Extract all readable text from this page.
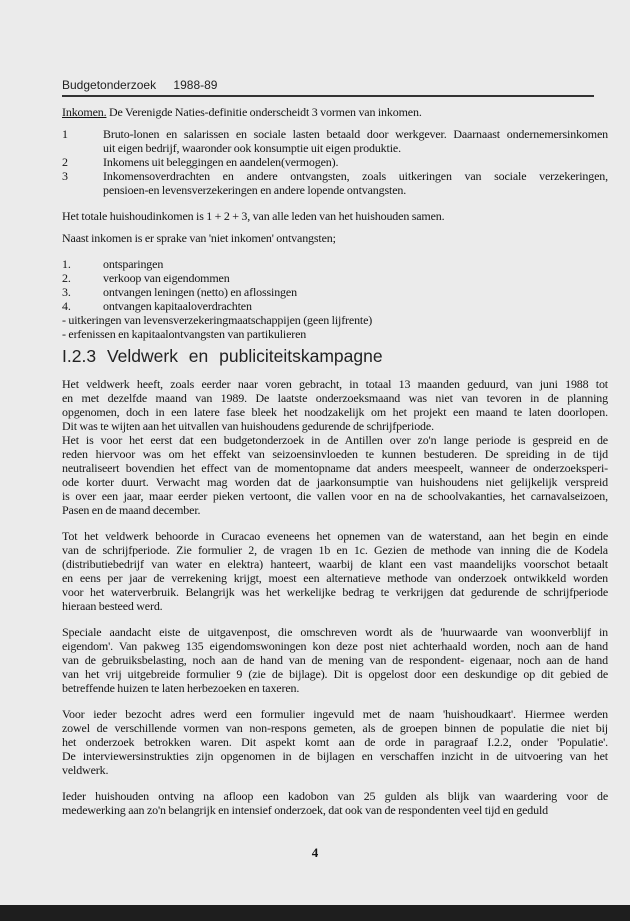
Budgetonderzoek 1988-89
Inkomen. De Verenigde Naties-definitie onderscheidt 3 vormen van inkomen.
1	Bruto-lonen en salarissen en sociale lasten betaald door werkgever. Daarnaast ondernemersinkomen
uit eigen bedrijf, waaronder ook konsumptie uit eigen produktie.
2	Inkomens uit beleggingen en aandelen(vermogen).
3	Inkomensoverdrachten en andere ontvangsten, zoals uitkeringen van sociale verzekeringen,
pensioen-en levensverzekeringen en andere lopende ontvangsten.
Het totale huishoudinkomen is 1 + 2 + 3, van alle leden van het huishouden samen.
Naast inkomen is er sprake van 'niet inkomen' ontvangsten;
1.	ontsparingen
2.	verkoop van eigendommen
3.	ontvangen leningen (netto) en aflossingen
4.	ontvangen kapitaaloverdrachten
- uitkeringen van levensverzekeringmaatschappijen (geen lijfrente)
- erfenissen en kapitaalontvangsten van partikulieren
I.2.3 Veldwerk en publiciteitskampagne
Het veldwerk heeft, zoals eerder naar voren gebracht, in totaal 13 maanden geduurd, van juni 1988 tot
en met dezelfde maand van 1989. De laatste onderzoeksmaand was niet van tevoren in de planning
opgenomen, doch in een latere fase bleek het noodzakelijk om het projekt een maand te laten doorlopen.
Dit was te wijten aan het uitvallen van huishoudens gedurende de schrijfperiode.
Het is voor het eerst dat een budgetonderzoek in de Antillen over zo'n lange periode is gespreid en de
reden hiervoor was om het effekt van seizoensinvloeden te kunnen bestuderen. De spreiding in de tijd
neutraliseert bovendien het effect van de momentopname dat anders meespeelt, wanneer de onderzoeksperi-
ode korter duurt. Verwacht mag worden dat de jaarkonsumptie van huishoudens niet gelijkelijk verspreid
is over een jaar, maar eerder pieken vertoont, die vallen voor en na de schoolvakanties, het carnavalseizoen,
Pasen en de maand december.
Tot het veldwerk behoorde in Curacao eveneens het opnemen van de waterstand, aan het begin en einde
van de schrijfperiode. Zie formulier 2, de vragen 1b en 1c. Gezien de methode van inning die de Kodela
(distributiebedrijf van water en elektra) hanteert, waarbij de klant een vast maandelijks voorschot betaalt
en eens per jaar de verrekening krijgt, moest een alternatieve methode van onderzoek ontwikkeld worden
voor het waterverbruik. Belangrijk was het werkelijke bedrag te verkrijgen dat gedurende de schrijfperiode
hieraan besteed werd.
Speciale aandacht eiste de uitgavenpost, die omschreven wordt als de 'huurwaarde van woonverblijf in
eigendom'. Van pakweg 135 eigendomswoningen kon deze post niet achterhaald worden, noch aan de hand
van de gebruiksbelasting, noch aan de hand van de mening van de respondent- eigenaar, noch aan de hand
van het vrij uitgebreide formulier 9 (zie de bijlage). Dit is opgelost door een deskundige op dit gebied de
betreffende huizen te laten herbezoeken en taxeren.
Voor ieder bezocht adres werd een formulier ingevuld met de naam 'huishoudkaart'. Hiermee werden
zowel de verschillende vormen van non-respons gemeten, als de groepen binnen de populatie die niet bij
het onderzoek betrokken waren. Dit aspekt komt aan de orde in paragraaf I.2.2, onder 'Populatie'.
De interviewersinstrukties zijn opgenomen in de bijlagen en verschaffen inzicht in de uitvoering van het
veldwerk.
Ieder huishouden ontving na afloop een kadobon van 25 gulden als blijk van waardering voor de
medewerking aan zo'n belangrijk en intensief onderzoek, dat ook van de respondenten veel tijd en geduld
4
